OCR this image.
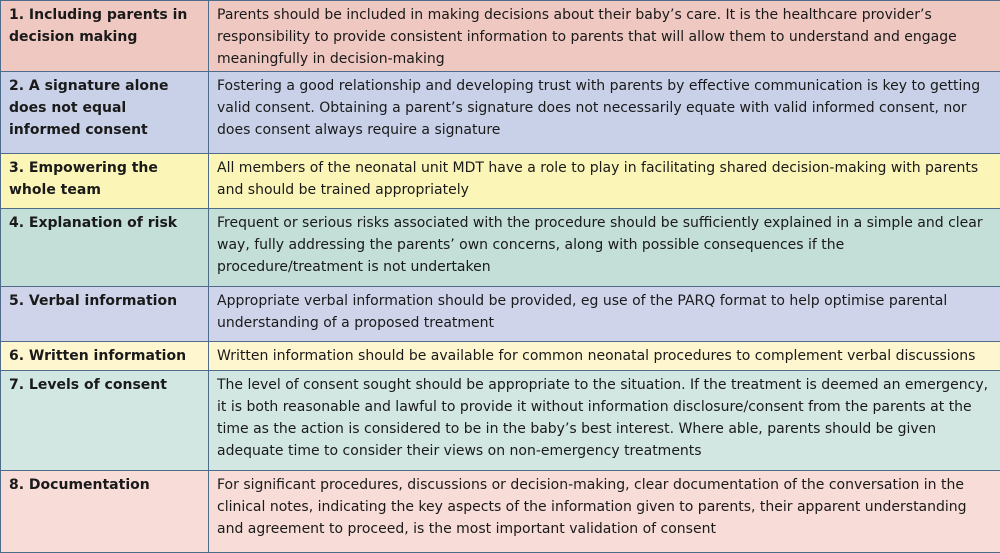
1. Including parents in decision making	Parents should be included in making decisions about their baby’s care. It is the healthcare provider’s responsibility to provide consistent information to parents that will allow them to understand and engage meaningfully in decision-making
2. A signature alone does not equal informed consent	Fostering a good relationship and developing trust with parents by effective communication is key to getting valid consent. Obtaining a parent’s signature does not necessarily equate with valid informed consent, nor does consent always require a signature
3. Empowering the whole team	All members of the neonatal unit MDT have a role to play in facilitating shared decision-making with parents and should be trained appropriately
4. Explanation of risk	Frequent or serious risks associated with the procedure should be sufficiently explained in a simple and clear way, fully addressing the parents’ own concerns, along with possible consequences if the procedure/treatment is not undertaken
5. Verbal information	Appropriate verbal information should be provided, eg use of the PARQ format to help optimise parental understanding of a proposed treatment
6. Written information	Written information should be available for common neonatal procedures to complement verbal discussions
7. Levels of consent	The level of consent sought should be appropriate to the situation. If the treatment is deemed an emergency, it is both reasonable and lawful to provide it without information disclosure/consent from the parents at the time as the action is considered to be in the baby’s best interest. Where able, parents should be given adequate time to consider their views on non-emergency treatments
8. Documentation	For significant procedures, discussions or decision-making, clear documentation of the conversation in the clinical notes, indicating the key aspects of the information given to parents, their apparent understanding and agreement to proceed, is the most important validation of consent
